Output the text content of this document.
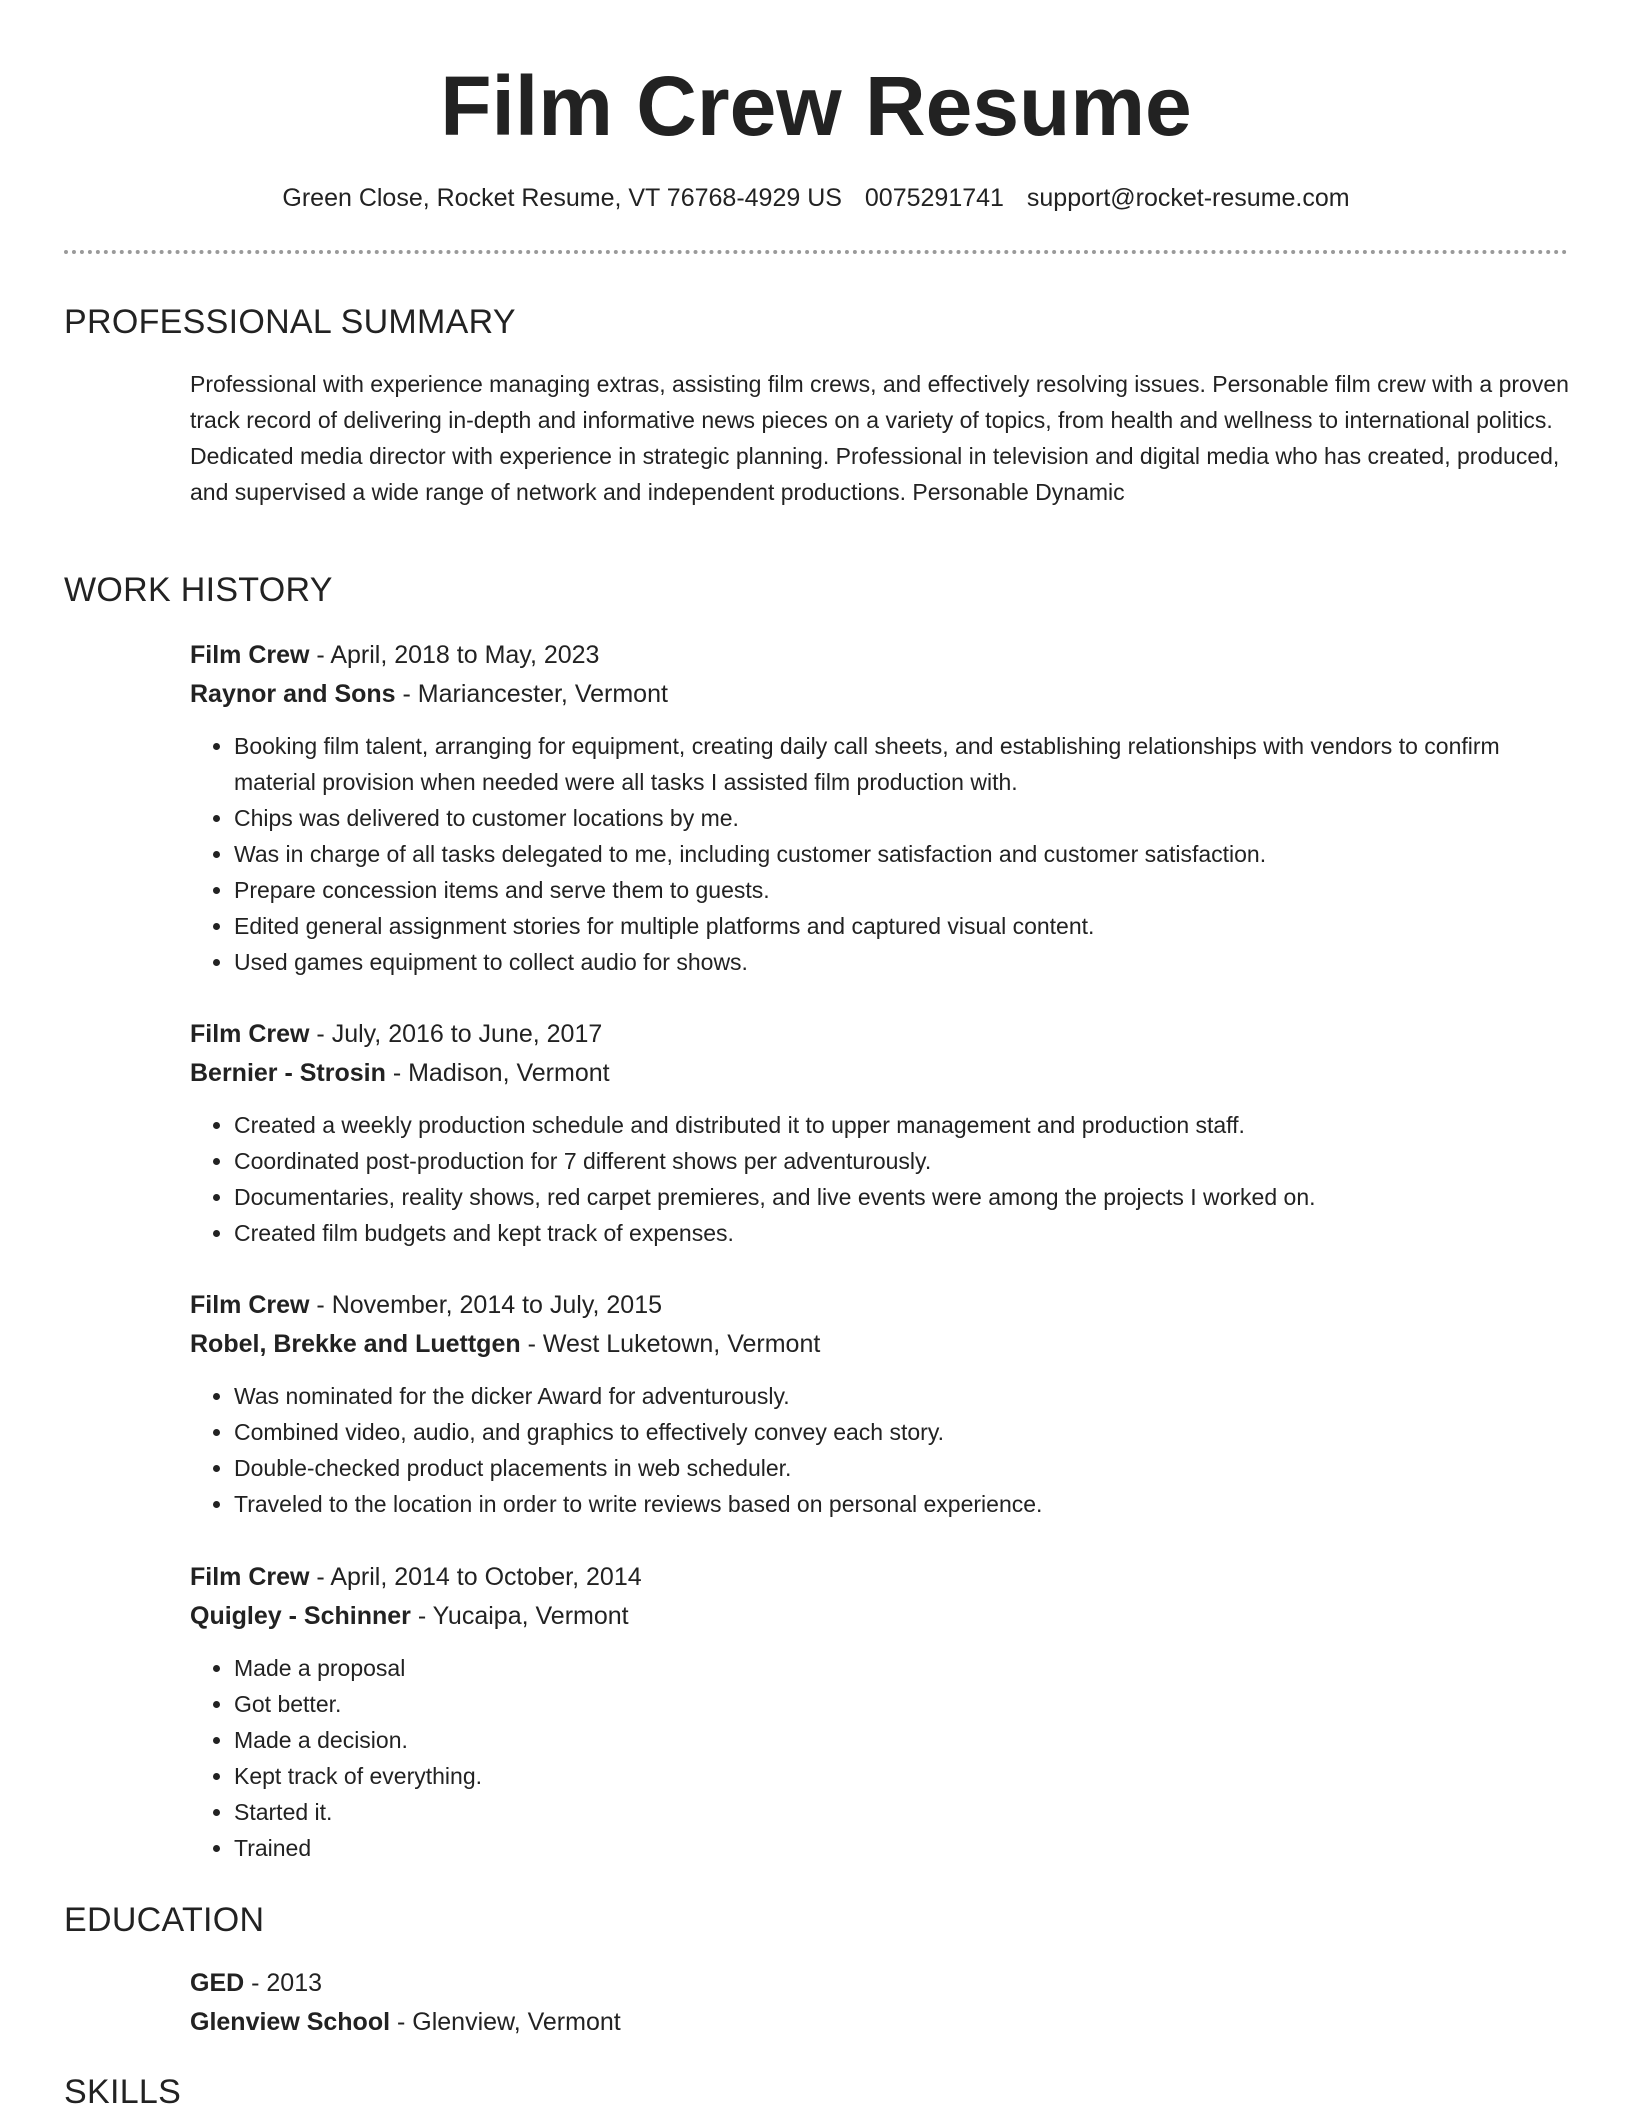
Film Crew Resume
Green Close, Rocket Resume, VT 76768-4929 US 0075291741 support@rocket-resume.com
PROFESSIONAL SUMMARY

Professional with experience managing extras, assisting film crews, and effectively resolving issues. Personable film crew with a proven track record of delivering in-depth and informative news pieces on a variety of topics, from health and wellness to international politics. Dedicated media director with experience in strategic planning. Professional in television and digital media who has created, produced, and supervised a wide range of network and independent productions. Personable Dynamic

WORK HISTORY
Film Crew - April, 2018 to May, 2023
Raynor and Sons - Mariancester, Vermont
• Booking film talent, arranging for equipment, creating daily call sheets, and establishing relationships with vendors to confirm material provision when needed were all tasks I assisted film production with.
• Chips was delivered to customer locations by me.
• Was in charge of all tasks delegated to me, including customer satisfaction and customer satisfaction.
• Prepare concession items and serve them to guests.
• Edited general assignment stories for multiple platforms and captured visual content.
• Used games equipment to collect audio for shows.
Film Crew - July, 2016 to June, 2017
Bernier - Strosin - Madison, Vermont
• Created a weekly production schedule and distributed it to upper management and production staff.
• Coordinated post-production for 7 different shows per adventurously.
• Documentaries, reality shows, red carpet premieres, and live events were among the projects I worked on.
• Created film budgets and kept track of expenses.
Film Crew - November, 2014 to July, 2015
Robel, Brekke and Luettgen - West Luketown, Vermont
• Was nominated for the dicker Award for adventurously.
• Combined video, audio, and graphics to effectively convey each story.
• Double-checked product placements in web scheduler.
• Traveled to the location in order to write reviews based on personal experience.
Film Crew - April, 2014 to October, 2014
Quigley - Schinner - Yucaipa, Vermont
• Made a proposal
• Got better.
• Made a decision.
• Kept track of everything.
• Started it.
• Trained
EDUCATION
GED - 2013
Glenview School - Glenview, Vermont
SKILLS
